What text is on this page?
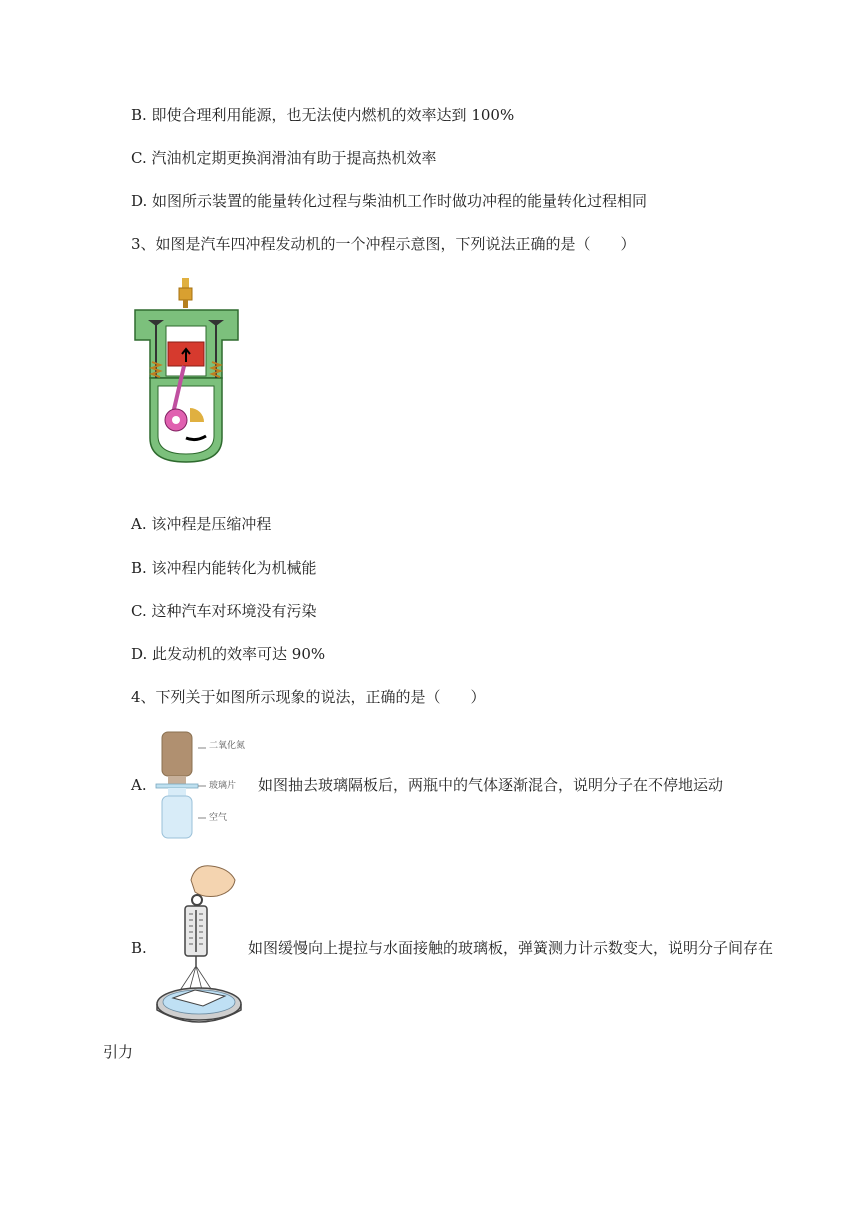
B. 即使合理利用能源，也无法使内燃机的效率达到 100%
C. 汽油机定期更换润滑油有助于提高热机效率
D. 如图所示装置的能量转化过程与柴油机工作时做功冲程的能量转化过程相同
3、如图是汽车四冲程发动机的一个冲程示意图，下列说法正确的是（　　）
A. 该冲程是压缩冲程
B. 该冲程内能转化为机械能
C. 这种汽车对环境没有污染
D. 此发动机的效率可达 90%
4、下列关于如图所示现象的说法，正确的是（　　）
A.
二氧化氮
玻璃片
空气
如图抽去玻璃隔板后，两瓶中的气体逐渐混合，说明分子在不停地运动
B.	如图缓慢向上提拉与水面接触的玻璃板，弹簧测力计示数变大，说明分子间存在
引力
